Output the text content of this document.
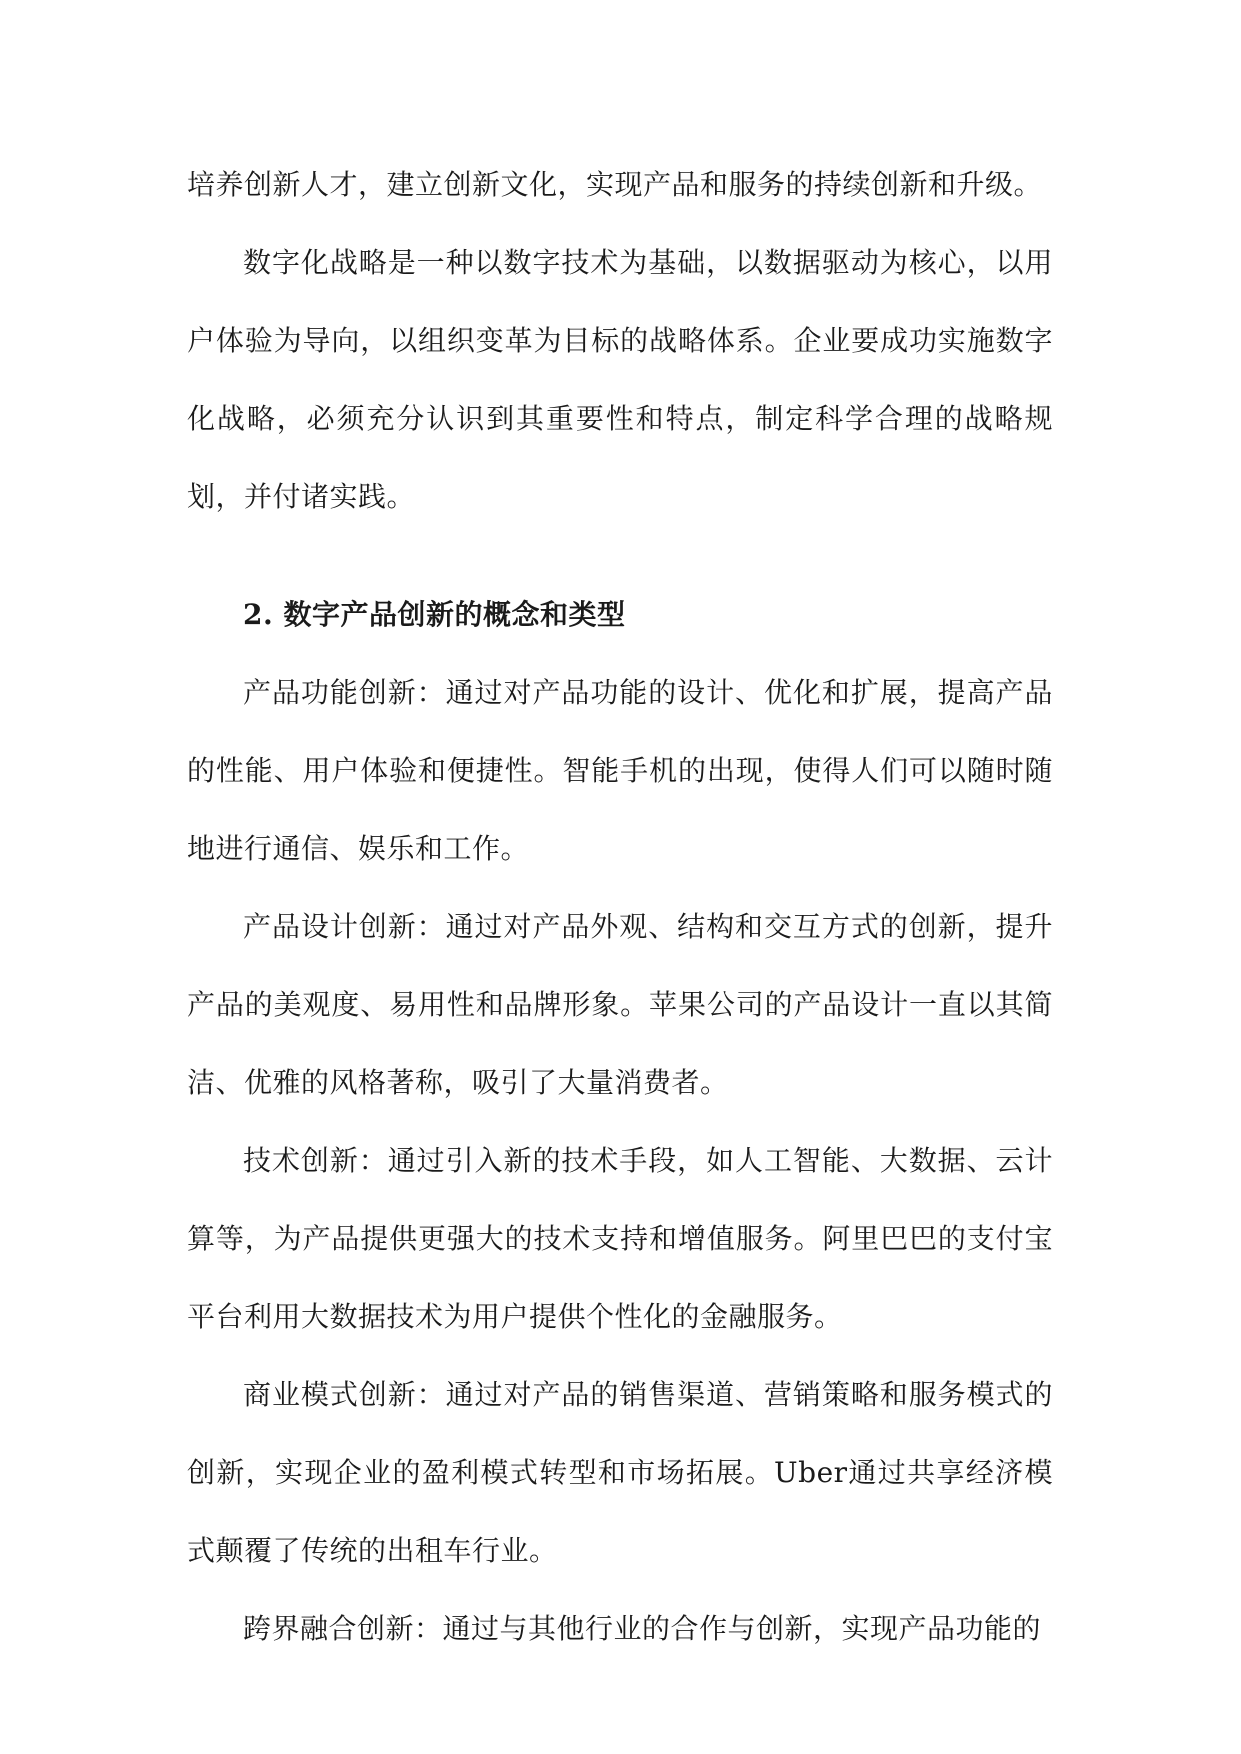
培养创新人才，建立创新文化，实现产品和服务的持续创新和升级。

数字化战略是一种以数字技术为基础，以数据驱动为核心，以用户体验为导向，以组织变革为目标的战略体系。企业要成功实施数字化战略，必须充分认识到其重要性和特点，制定科学合理的战略规划，并付诸实践。

2. 数字产品创新的概念和类型

产品功能创新：通过对产品功能的设计、优化和扩展，提高产品的性能、用户体验和便捷性。智能手机的出现，使得人们可以随时随地进行通信、娱乐和工作。

产品设计创新：通过对产品外观、结构和交互方式的创新，提升产品的美观度、易用性和品牌形象。苹果公司的产品设计一直以其简洁、优雅的风格著称，吸引了大量消费者。

技术创新：通过引入新的技术手段，如人工智能、大数据、云计算等，为产品提供更强大的技术支持和增值服务。阿里巴巴的支付宝平台利用大数据技术为用户提供个性化的金融服务。

商业模式创新：通过对产品的销售渠道、营销策略和服务模式的创新，实现企业的盈利模式转型和市场拓展。Uber通过共享经济模式颠覆了传统的出租车行业。

跨界融合创新：通过与其他行业的合作与创新，实现产品功能的
